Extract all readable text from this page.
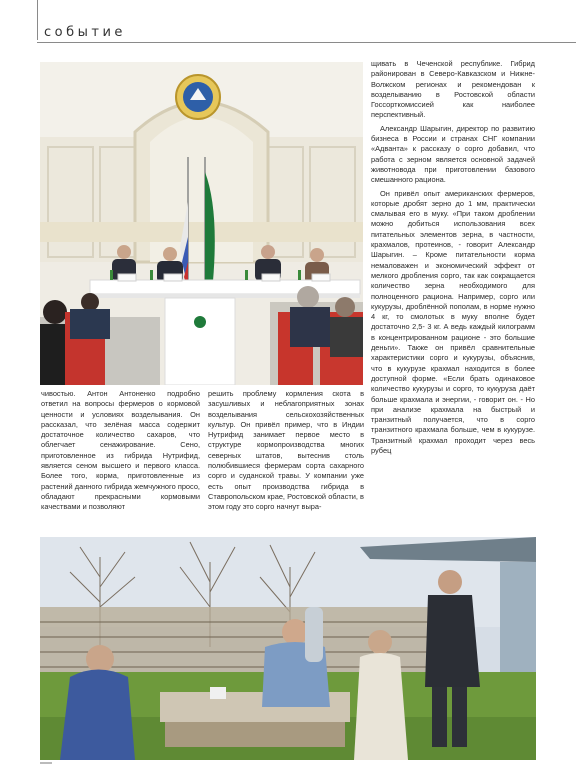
событие

щивать в Чеченской республике. Гибрид районирован в Северо-Кавказском и Нижне-Волжском регионах и рекомендован к возделыванию в Ростовской области Госсорткомиссией как наиболее перспективный.

Александр Шарыгин, директор по развитию бизнеса в России и странах СНГ компании «Адванта» к рассказу о сорго добавил, что работа с зерном является основной задачей животновода при приготовлении базового смешанного рациона.

Он привёл опыт американских фермеров, которые дробят зерно до 1 мм, практически смалывая его в муку. «При таком дроблении можно добиться использования всех питательных элементов зерна, в частности, крахмалов, протеинов, - говорит Александр Шарыгин. – Кроме питательности корма немаловажен и экономический эффект от мелкого дробления сорго, так как сокращается количество зерна необходимого для полноценного рациона. Например, сорго или кукурузы, дроблённой пополам, в норме нужно 4 кг, то смолотых в муку вполне будет достаточно 2,5- 3 кг. А ведь каждый килограмм в концентрированном рационе - это большие деньги». Также он привёл сравнительные характеристики сорго и кукурузы, объяснив, что в кукурузе крахмал находится в более доступной форме. «Если брать одинаковое количество кукурузы и сорго, то кукуруза даёт больше крахмала и энергии, - говорит он. - Но при анализе крахмала на быстрый и транзитный получается, что в сорго транзитного крахмала больше, чем в кукурузе. Транзитный крахмал проходит через весь рубец

чивостью. Антон Антоненко подробно ответил на вопросы фермеров о кормовой ценности и условиях возделывания. Он рассказал, что зелёная масса содержит достаточное количество сахаров, что облегчает сенажирование. Сено, приготовленное из гибрида Нутрифид, является сеном высшего и первого класса. Более того, корма, приготовленные из растений данного гибрида жемчужного просо, обладают прекрасными кормовыми качествами и позволяют

решить проблему кормления скота в засушливых и неблагоприятных зонах возделывания сельскохозяйственных культур. Он привёл пример, что в Индии Нутрифид занимает первое место в структуре кормопроизводства многих северных штатов, вытеснив столь полюбившиеся фермерам сорта сахарного сорго и суданской травы. У компании уже есть опыт производства гибрида в Ставропольском крае, Ростовской области, в этом году это сорго начнут выра-
